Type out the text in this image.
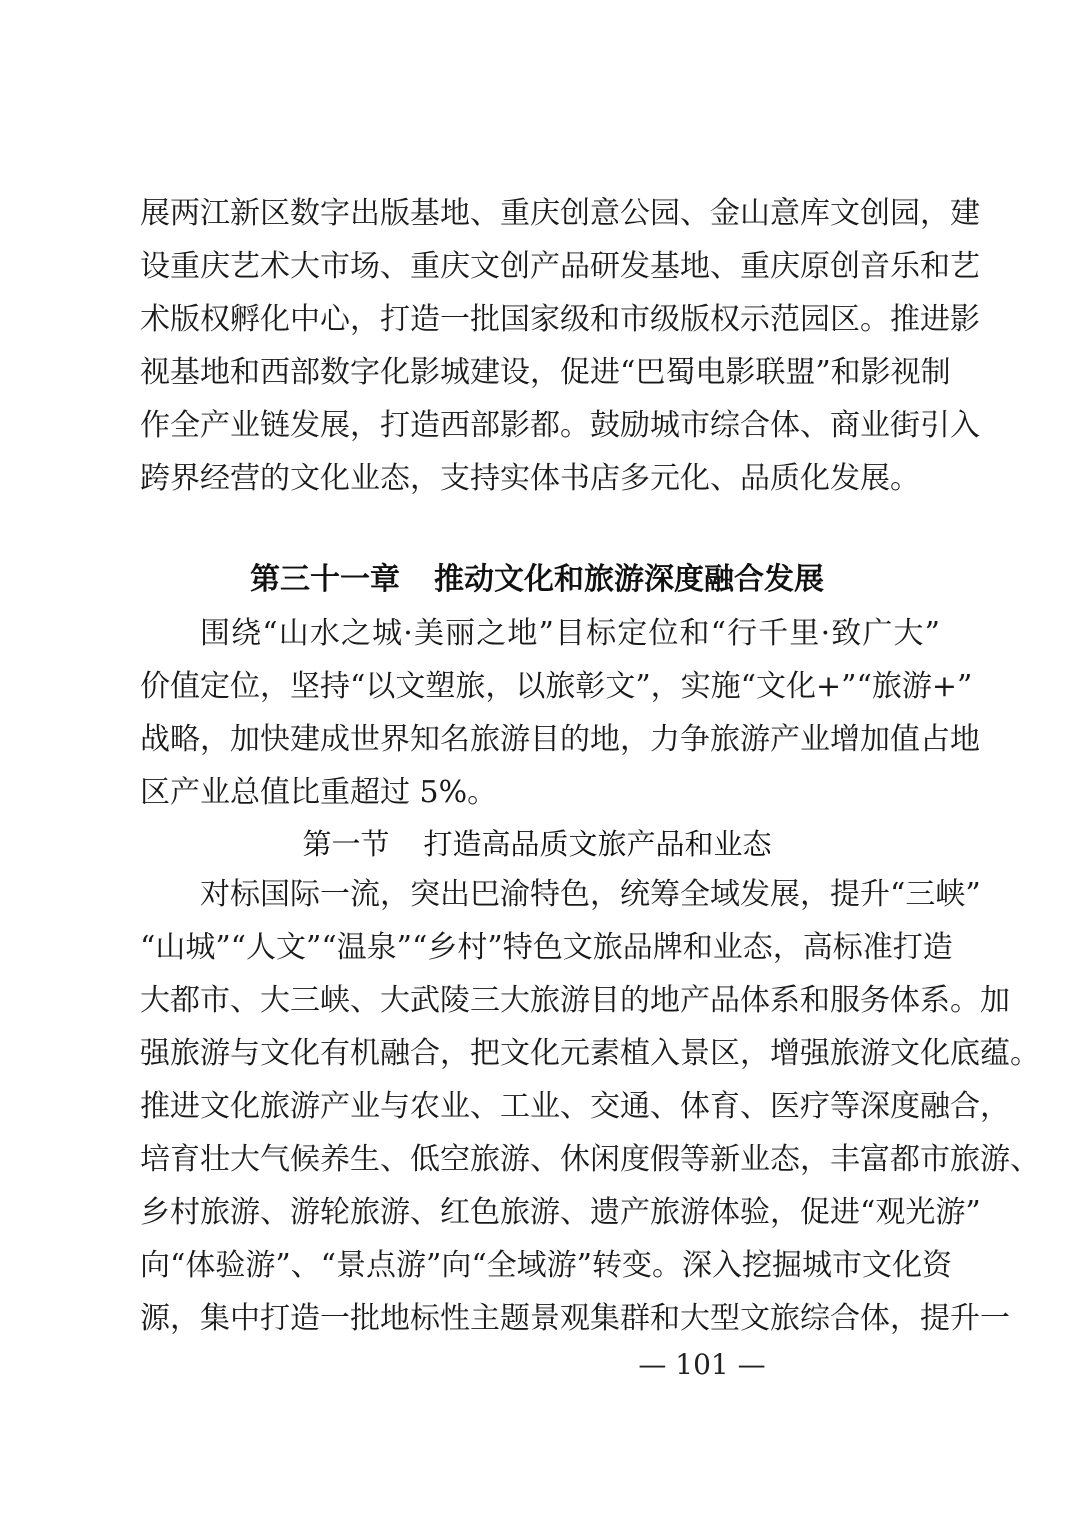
展两江新区数字出版基地、重庆创意公园、金山意库文创园，建
设重庆艺术大市场、重庆文创产品研发基地、重庆原创音乐和艺
术版权孵化中心，打造一批国家级和市级版权示范园区。推进影
视基地和西部数字化影城建设，促进“巴蜀电影联盟”和影视制
作全产业链发展，打造西部影都。鼓励城市综合体、商业街引入
跨界经营的文化业态，支持实体书店多元化、品质化发展。
第三十一章 推动文化和旅游深度融合发展
围绕“山水之城·美丽之地”目标定位和“行千里·致广大”
价值定位，坚持“以文塑旅，以旅彰文”，实施“文化+”“旅游+”
战略，加快建成世界知名旅游目的地，力争旅游产业增加值占地
区产业总值比重超过 5%。
第一节 打造高品质文旅产品和业态
对标国际一流，突出巴渝特色，统筹全域发展，提升“三峡”
“山城”“人文”“温泉”“乡村”特色文旅品牌和业态，高标准打造
大都市、大三峡、大武陵三大旅游目的地产品体系和服务体系。加
强旅游与文化有机融合，把文化元素植入景区，增强旅游文化底蕴。
推进文化旅游产业与农业、工业、交通、体育、医疗等深度融合，
培育壮大气候养生、低空旅游、休闲度假等新业态，丰富都市旅游、
乡村旅游、游轮旅游、红色旅游、遗产旅游体验，促进“观光游”
向“体验游”、“景点游”向“全域游”转变。深入挖掘城市文化资
源，集中打造一批地标性主题景观集群和大型文旅综合体，提升一
— 101 —
